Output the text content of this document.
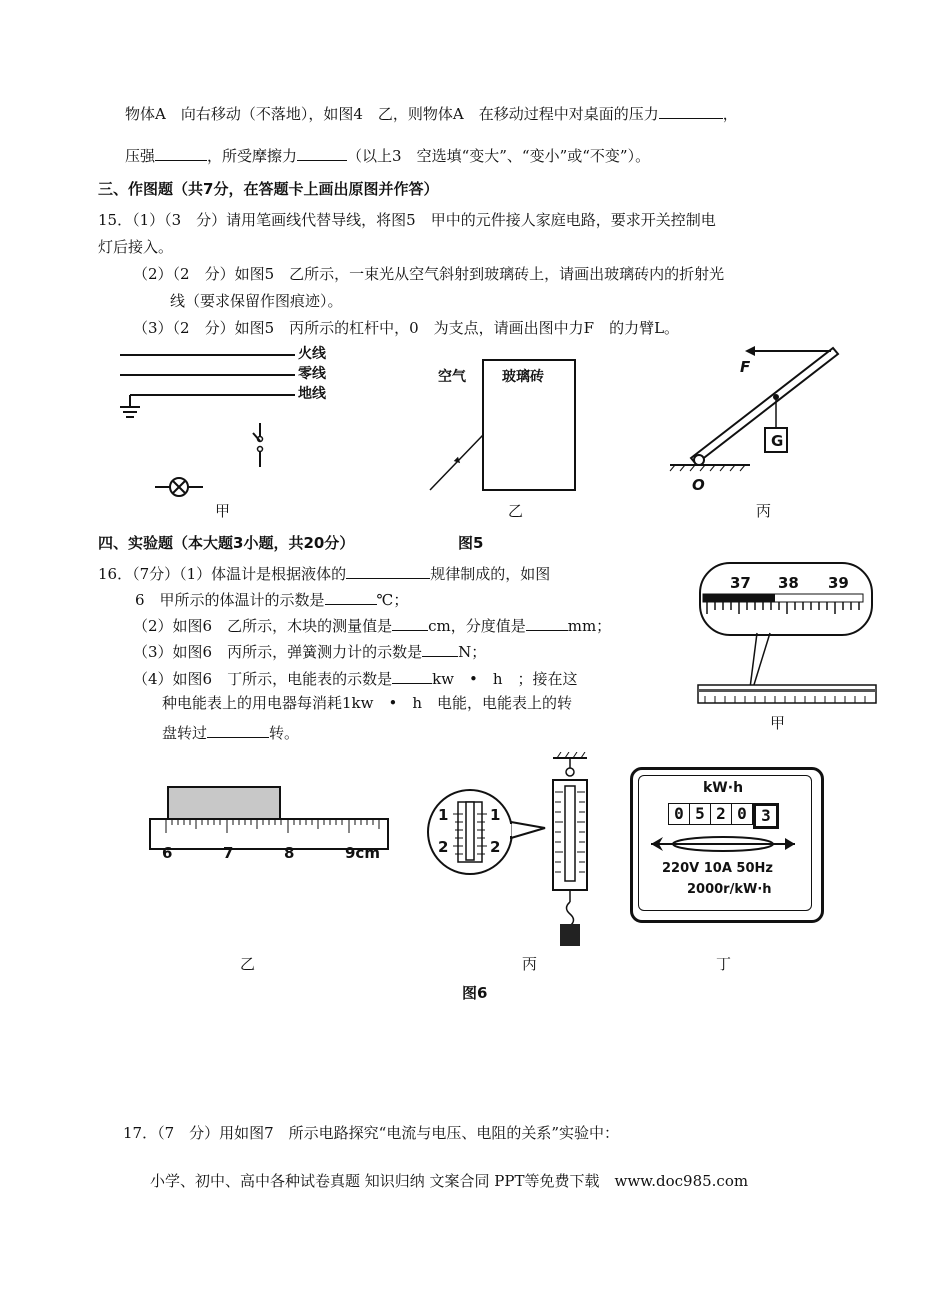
物体A　向右移动（不落地），如图4　乙，则物体A　在移动过程中对桌面的压力	，
压强	，所受摩擦力	（以上3　空选填“变大”、“变小”或“不变”）。
三、作图题（共7分，在答题卡上画出原图并作答）
15．（1）（3　分）请用笔画线代替导线，将图5　甲中的元件接人家庭电路，要求开关控制电
灯后接入。
（2）（2　分）如图5　乙所示，一束光从空气斜射到玻璃砖上，请画出玻璃砖内的折射光
线（要求保留作图痕迹）。
（3）（2　分）如图5　丙所示的杠杆中，0　为支点，请画出图中力F　的力臂L。
火线
零线
地线
甲
空气	玻璃砖
乙
F
G
O
丙
图5
四、实验题（本大题3小题，共20分）
16．（7分）（1）体温计是根据液体的	规律制成的，如图
6　甲所示的体温计的示数是	℃；
（2）如图6　乙所示，木块的测量值是 cm，分度值是	mm；
（3）如图6　丙所示，弹簧测力计的示数是 N；
（4）如图6　丁所示，电能表的示数是	kw　•　h　；接在这
种电能表上的用电器每消耗1kw　•　h　电能，电能表上的转
盘转过	转。
37 38 39
甲
6	7	8	9cm
乙
1
2
1
2
丙
kW·h
0 5 2 0 3
220V 10A 50Hz
2000r/kW·h
丁
图6
17．（7　分）用如图7　所示电路探究“电流与电压、电阻的关系”实验中：
小学、初中、高中各种试卷真题 知识归纳 文案合同 PPT等免费下载　www.doc985.com
